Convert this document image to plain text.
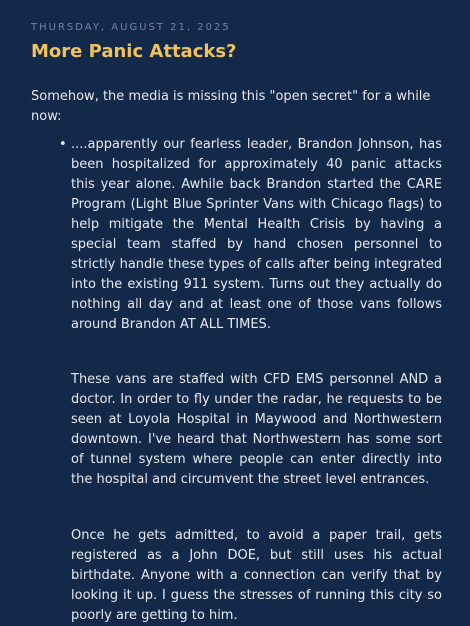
THURSDAY, AUGUST 21, 2025
More Panic Attacks?

Somehow, the media is missing this "open secret" for a while now:

• ....apparently our fearless leader, Brandon Johnson, has been hospitalized for approximately 40 panic attacks this year alone. Awhile back Brandon started the CARE Program (Light Blue Sprinter Vans with Chicago flags) to help mitigate the Mental Health Crisis by having a special team staffed by hand chosen personnel to strictly handle these types of calls after being integrated into the existing 911 system. Turns out they actually do nothing all day and at least one of those vans follows around Brandon AT ALL TIMES.

These vans are staffed with CFD EMS personnel AND a doctor. In order to fly under the radar, he requests to be seen at Loyola Hospital in Maywood and Northwestern downtown. I've heard that Northwestern has some sort of tunnel system where people can enter directly into the hospital and circumvent the street level entrances.

Once he gets admitted, to avoid a paper trail, gets registered as a John DOE, but still uses his actual birthdate. Anyone with a connection can verify that by looking it up. I guess the stresses of running this city so poorly are getting to him.
